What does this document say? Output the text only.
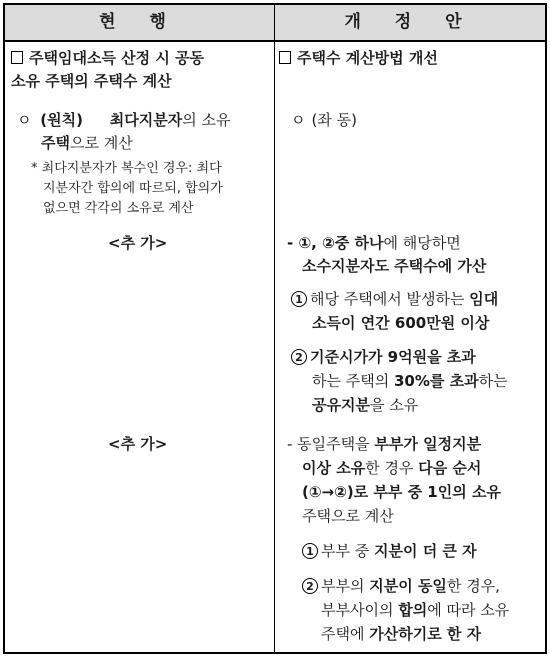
현 행	개 정 안
주택임대소득 산정 시 공동
소유 주택의 주택수 계산
ㅇ (원칙) 최다지분자의 소유
주택으로 계산
* 최다지분자가 복수인 경우: 최다
지분자간 합의에 따르되, 합의가
없으면 각각의 소유로 계산
<추 가>
<추 가>
주택수 계산방법 개선
ㅇ (좌 동)
- ①, ②중 하나에 해당하면
소수지분자도 주택수에 가산
1 해당 주택에서 발생하는 임대
소득이 연간 600만원 이상
2 기준시가가 9억원을 초과
하는 주택의 30%를 초과하는
공유지분을 소유
- 동일주택을 부부가 일정지분
이상 소유한 경우 다음 순서
(①→②)로 부부 중 1인의 소유
주택으로 계산
1 부부 중 지분이 더 큰 자
2 부부의 지분이 동일한 경우,
부부사이의 합의에 따라 소유
주택에 가산하기로 한 자
